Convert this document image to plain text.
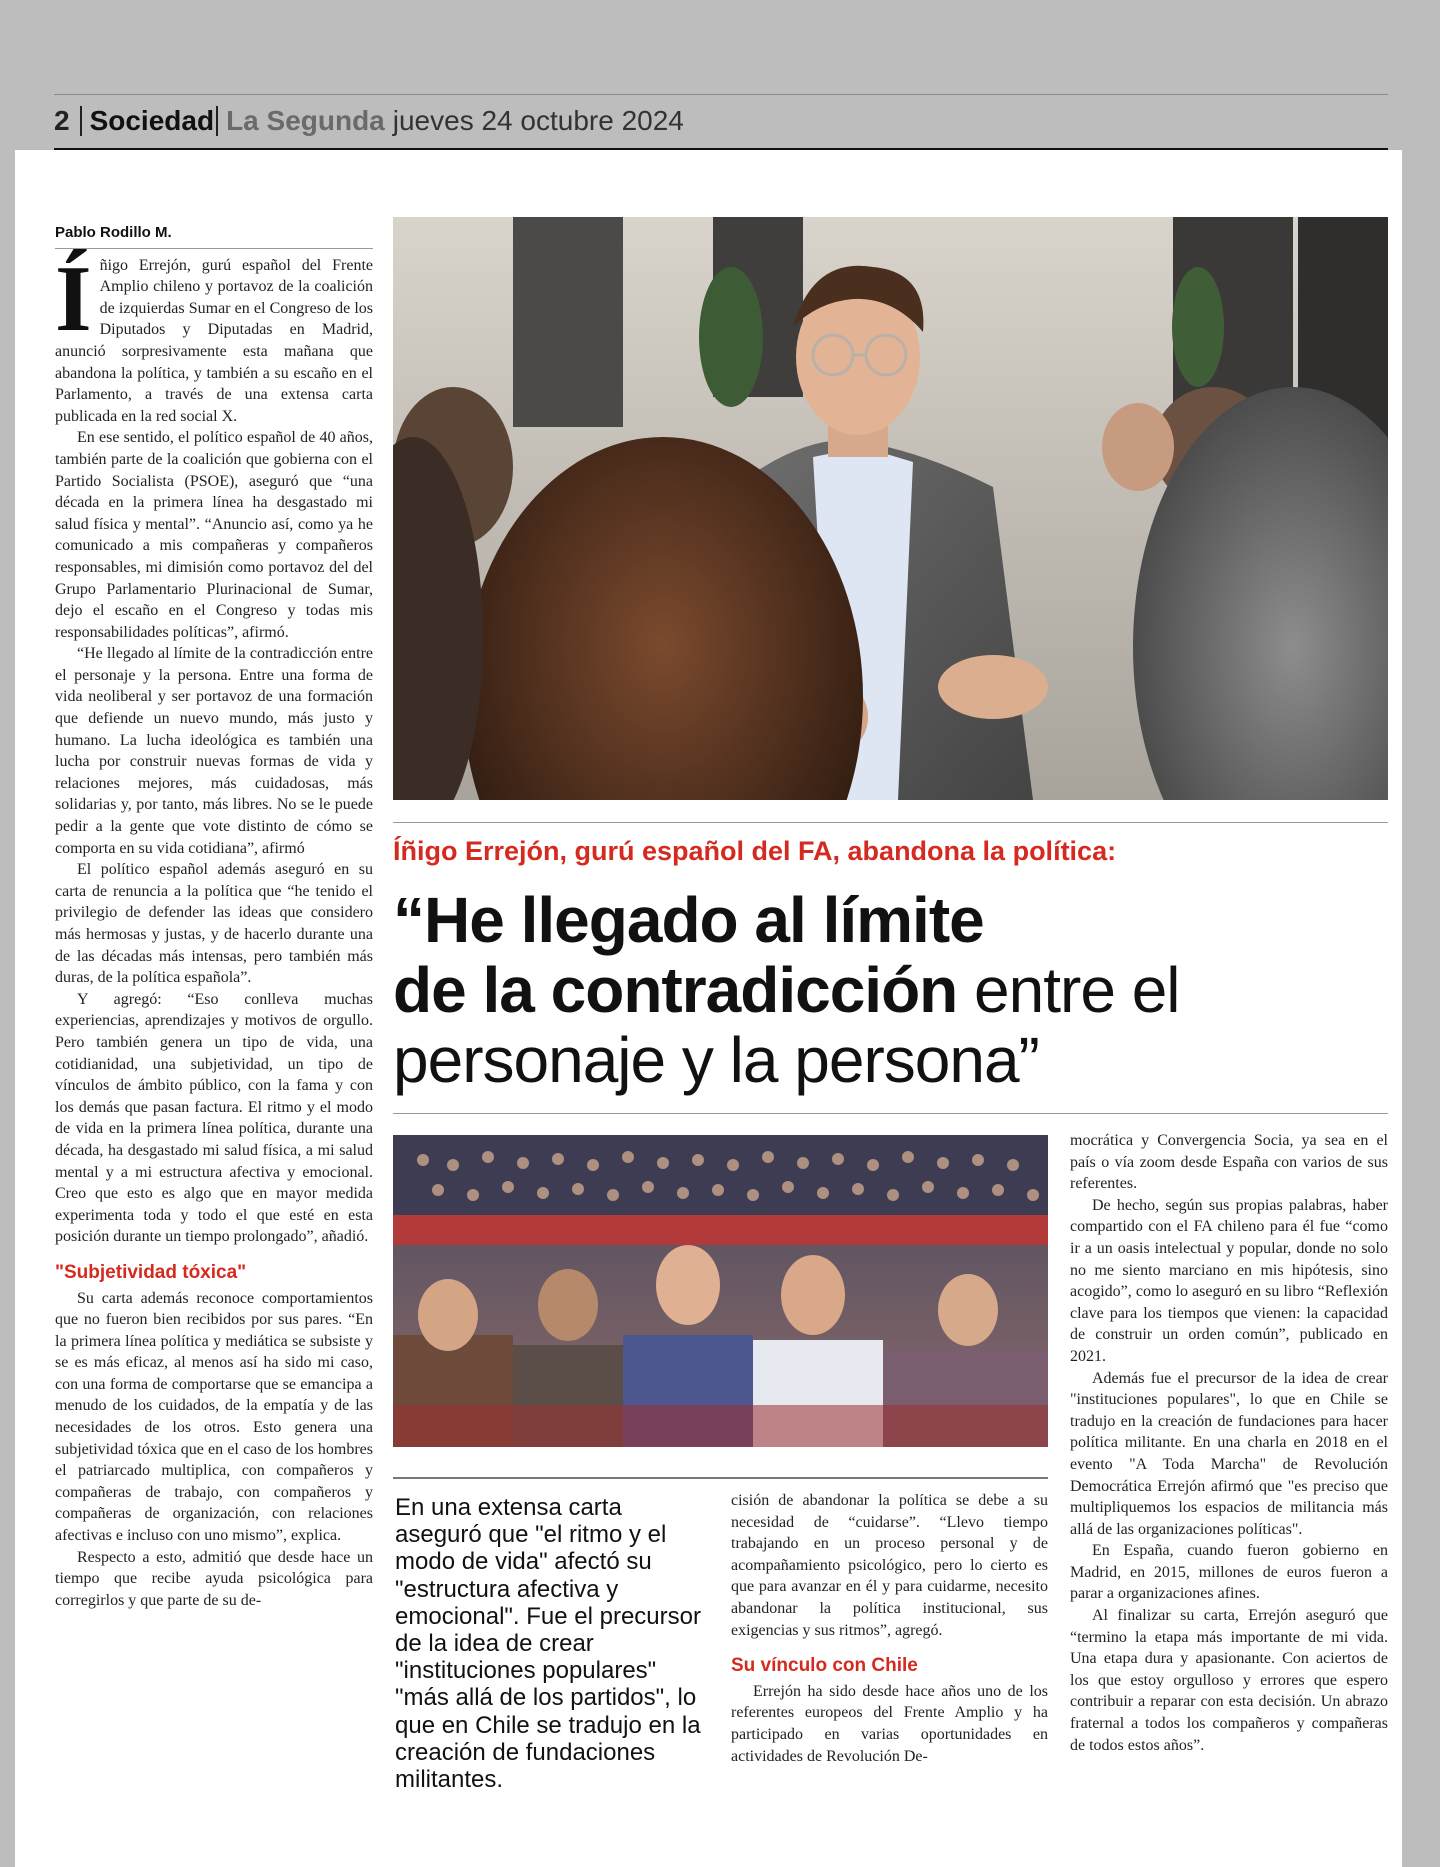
2 Sociedad La Segunda jueves 24 octubre 2024
Pablo Rodillo M.

Íñigo Errejón, gurú español del Frente Amplio chileno y portavoz de la coalición de izquierdas Sumar en el Congreso de los Diputados y Diputadas en Madrid, anunció sorpresivamente esta mañana que abandona la política, y también a su escaño en el Parlamento, a través de una extensa carta publicada en la red social X.

En ese sentido, el político español de 40 años, también parte de la coalición que gobierna con el Partido Socialista (PSOE), aseguró que “una década en la primera línea ha desgastado mi salud física y mental”. “Anuncio así, como ya he comunicado a mis compañeras y compañeros responsables, mi dimisión como portavoz del del Grupo Parlamentario Plurinacional de Sumar, dejo el escaño en el Congreso y todas mis responsabilidades políticas”, afirmó.

“He llegado al límite de la contradicción entre el personaje y la persona. Entre una forma de vida neoliberal y ser portavoz de una formación que defiende un nuevo mundo, más justo y humano. La lucha ideológica es también una lucha por construir nuevas formas de vida y relaciones mejores, más cuidadosas, más solidarias y, por tanto, más libres. No se le puede pedir a la gente que vote distinto de cómo se comporta en su vida cotidiana”, afirmó

El político español además aseguró en su carta de renuncia a la política que “he tenido el privilegio de defender las ideas que considero más hermosas y justas, y de hacerlo durante una de las décadas más intensas, pero también más duras, de la política española”.

Y agregó: “Eso conlleva muchas experiencias, aprendizajes y motivos de orgullo. Pero también genera un tipo de vida, una cotidianidad, una subjetividad, un tipo de vínculos de ámbito público, con la fama y con los demás que pasan factura. El ritmo y el modo de vida en la primera línea política, durante una década, ha desgastado mi salud física, a mi salud mental y a mi estructura afectiva y emocional. Creo que esto es algo que en mayor medida experimenta toda y todo el que esté en esta posición durante un tiempo prolongado”, añadió.

"Subjetividad tóxica"

Su carta además reconoce comportamientos que no fueron bien recibidos por sus pares. “En la primera línea política y mediática se subsiste y se es más eficaz, al menos así ha sido mi caso, con una forma de comportarse que se emancipa a menudo de los cuidados, de la empatía y de las necesidades de los otros. Esto genera una subjetividad tóxica que en el caso de los hombres el patriarcado multiplica, con compañeros y compañeras de trabajo, con compañeros y compañeras de organización, con relaciones afectivas e incluso con uno mismo”, explica.

Respecto a esto, admitió que desde hace un tiempo que recibe ayuda psicológica para corregirlos y que parte de su de-

Íñigo Errejón, gurú español del FA, abandona la política:
“He llegado al límite
de la contradicción entre el
personaje y la persona”
En una extensa carta aseguró que "el ritmo y el modo de vida" afectó su "estructura afectiva y emocional". Fue el precursor de la idea de crear "instituciones populares" "más allá de los partidos", lo que en Chile se tradujo en la creación de fundaciones militantes.

cisión de abandonar la política se debe a su necesidad de “cuidarse”. “Llevo tiempo trabajando en un proceso personal y de acompañamiento psicológico, pero lo cierto es que para avanzar en él y para cuidarme, necesito abandonar la política institucional, sus exigencias y sus ritmos”, agregó.

Su vínculo con Chile

Errejón ha sido desde hace años uno de los referentes europeos del Frente Amplio y ha participado en varias oportunidades en actividades de Revolución De-

mocrática y Convergencia Socia, ya sea en el país o vía zoom desde España con varios de sus referentes.

De hecho, según sus propias palabras, haber compartido con el FA chileno para él fue “como ir a un oasis intelectual y popular, donde no solo no me siento marciano en mis hipótesis, sino acogido”, como lo aseguró en su libro “Reflexión clave para los tiempos que vienen: la capacidad de construir un orden común”, publicado en 2021.

Además fue el precursor de la idea de crear "instituciones populares", lo que en Chile se tradujo en la creación de fundaciones para hacer política militante. En una charla en 2018 en el evento "A Toda Marcha" de Revolución Democrática Errejón afirmó que "es preciso que multipliquemos los espacios de militancia más allá de las organizaciones políticas".

En España, cuando fueron gobierno en Madrid, en 2015, millones de euros fueron a parar a organizaciones afines.

Al finalizar su carta, Errejón aseguró que “termino la etapa más importante de mi vida. Una etapa dura y apasionante. Con aciertos de los que estoy orgulloso y errores que espero contribuir a reparar con esta decisión. Un abrazo fraternal a todos los compañeros y compañeras de todos estos años”.
